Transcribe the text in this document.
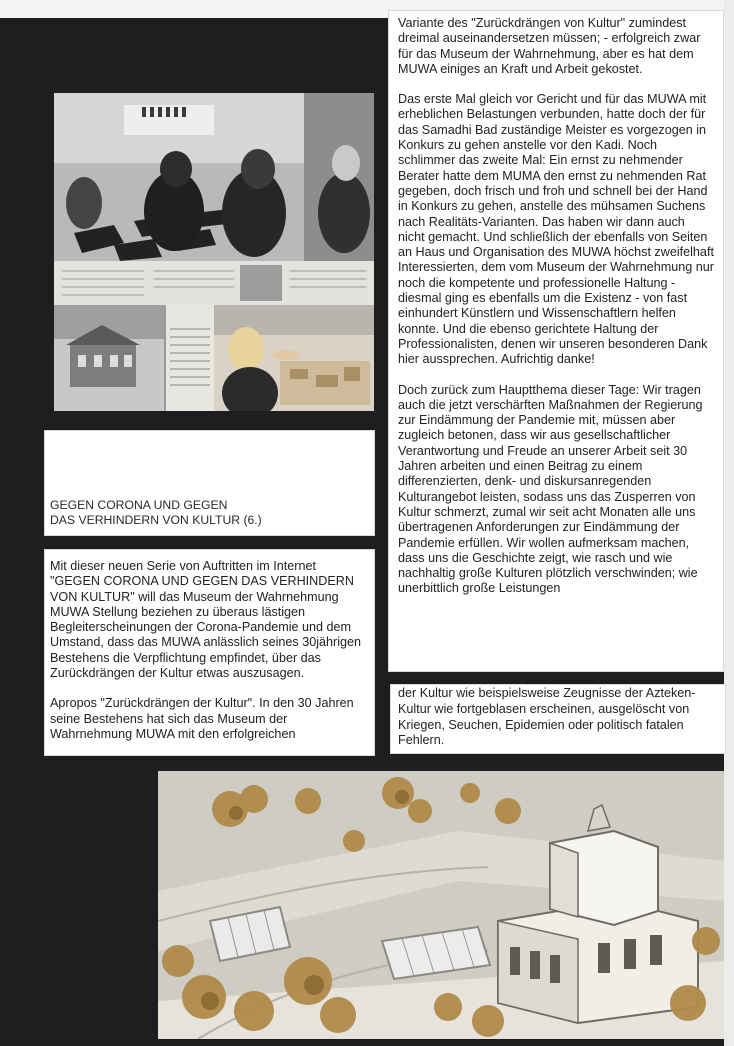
Variante des "Zurückdrängen von Kultur" zumindest dreimal auseinandersetzen müssen; - erfolgreich zwar für das Museum der Wahrnehmung, aber es hat dem MUWA einiges an Kraft und Arbeit gekostet.

Das erste Mal gleich vor Gericht und für das MUWA mit erheblichen Belastungen verbunden, hatte doch der für das Samadhi Bad zuständige Meister es vorgezogen in Konkurs zu gehen anstelle vor den Kadi. Noch schlimmer das zweite Mal: Ein ernst zu nehmender Berater hatte dem MUMA den ernst zu nehmenden Rat gegeben, doch frisch und froh und schnell bei der Hand in Konkurs zu gehen, anstelle des mühsamen Suchens nach Realitäts-Varianten. Das haben wir dann auch nicht gemacht. Und schließlich der ebenfalls von Seiten an Haus und Organisation des MUWA höchst zweifelhaft Interessierten, dem vom Museum der Wahrnehmung nur noch die kompetente und professionelle Haltung - diesmal ging es ebenfalls um die Existenz - von fast einhundert Künstlern und Wissenschaftlern helfen konnte. Und die ebenso gerichtete Haltung der Professionalisten, denen wir unseren besonderen Dank hier aussprechen. Aufrichtig danke!

Doch zurück zum Hauptthema dieser Tage: Wir tragen auch die jetzt verschärften Maßnahmen der Regierung zur Eindämmung der Pandemie mit, müssen aber zugleich betonen, dass wir aus gesellschaftlicher Verantwortung und Freude an unserer Arbeit seit 30 Jahren arbeiten und einen Beitrag zu einem differenzierten, denk- und diskursanregenden Kulturangebot leisten, sodass uns das Zusperren von Kultur schmerzt, zumal wir seit acht Monaten alle uns übertragenen Anforderungen zur Eindämmung der Pandemie erfüllen. Wir wollen aufmerksam machen, dass uns die Geschichte zeigt, wie rasch und wie nachhaltig große Kulturen plötzlich verschwinden; wie unerbittlich große Leistungen

der Kultur wie beispielsweise Zeugnisse der Azteken-Kultur wie fortgeblasen erscheinen, ausgelöscht von Kriegen, Seuchen, Epidemien oder politisch fatalen Fehlern.

GEGEN CORONA UND GEGEN
DAS VERHINDERN VON KULTUR (6.)

Mit dieser neuen Serie von Auftritten im Internet "GEGEN CORONA UND GEGEN DAS VERHINDERN VON KULTUR" will das Museum der Wahrnehmung MUWA Stellung beziehen zu überaus lästigen Begleiterscheinungen der Corona-Pandemie und dem Umstand, dass das MUWA anlässlich seines 30jährigen Bestehens die Verpflichtung empfindet, über das Zurückdrängen der Kultur etwas auszusagen.

Apropos "Zurückdrängen der Kultur". In den 30 Jahren seine Bestehens hat sich das Museum der Wahrnehmung MUWA mit den erfolgreichen
